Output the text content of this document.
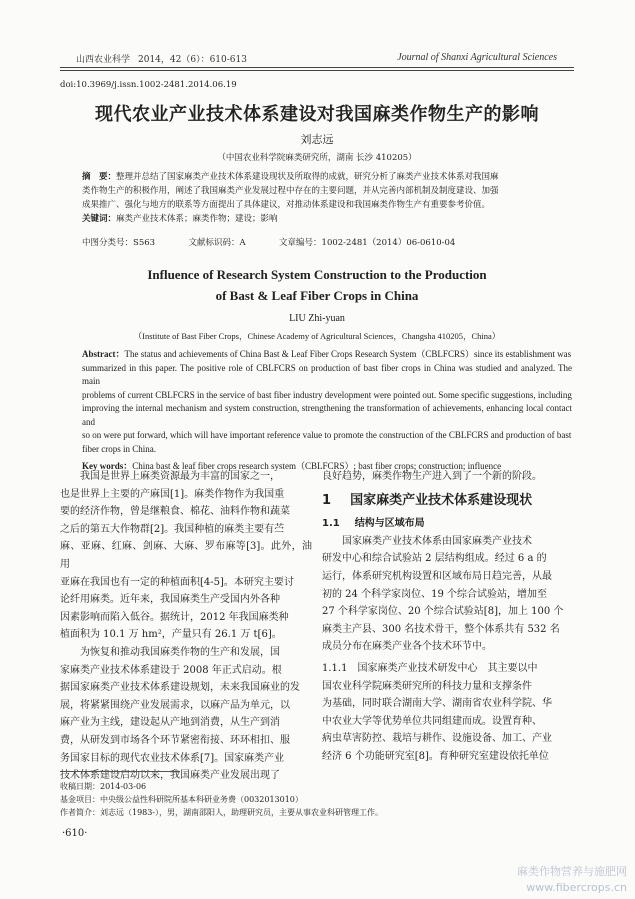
山西农业科学 2014，42（6）：610-613	Journal of Shanxi Agricultural Sciences
doi:10.3969/j.issn.1002-2481.2014.06.19
现代农业产业技术体系建设对我国麻类作物生产的影响
刘志远
（中国农业科学院麻类研究所，湖南 长沙 410205）
摘　要：整理并总结了国家麻类产业技术体系建设现状及所取得的成就，研究分析了麻类产业技术体系对我国麻
类作物生产的积极作用，阐述了我国麻类产业发展过程中存在的主要问题，并从完善内部机制及制度建设、加强
成果推广、强化与地方的联系等方面提出了具体建议，对推动体系建设和我国麻类作物生产有重要参考价值。
关键词：麻类产业技术体系；麻类作物；建设；影响
中图分类号：S563	文献标识码：A	文章编号：1002-2481（2014）06-0610-04
Influence of Research System Construction to the Production
of Bast & Leaf Fiber Crops in China
LIU Zhi-yuan
（Institute of Bast Fiber Crops，Chinese Academy of Agricultural Sciences，Changsha 410205，China）
Abstract：The status and achievements of China Bast & Leaf Fiber Crops Research System（CBLFCRS）since its establishment was
summarized in this paper. The positive role of CBLFCRS on production of bast fiber crops in China was studied and analyzed. The main
problems of current CBLFCRS in the service of bast fiber industry development were pointed out. Some specific suggestions, including
improving the internal mechanism and system construction, strengthening the transformation of achievements, enhancing local contact and
so on were put forward, which will have important reference value to promote the construction of the CBLFCRS and production of bast
fiber crops in China.
Key words：China bast & leaf fiber crops research system（CBLFCRS）; bast fiber crops; construction; influence
我国是世界上麻类资源最为丰富的国家之一，
也是世界上主要的产麻国[1]。麻类作物作为我国重
要的经济作物，曾是继粮食、棉花、油料作物和蔬菜
之后的第五大作物群[2]。我国种植的麻类主要有苎
麻、亚麻、红麻、剑麻、大麻、罗布麻等[3]。此外，油用
亚麻在我国也有一定的种植面积[4-5]。本研究主要讨
论纤用麻类。近年来，我国麻类生产受国内外各种
因素影响而陷入低谷。据统计，2012 年我国麻类种
植面积为 10.1 万 hm²，产量只有 26.1 万 t[6]。
为恢复和推动我国麻类作物的生产和发展，国
家麻类产业技术体系建设于 2008 年正式启动。根
据国家麻类产业技术体系建设规划，未来我国麻业的发
展，将紧紧围绕产业发展需求，以麻产品为单元，以
麻产业为主线，建设起从产地到消费，从生产到消
费，从研发到市场各个环节紧密衔接、环环相扣、服
务国家目标的现代农业技术体系[7]。国家麻类产业
技术体系建设启动以来，我国麻类产业发展出现了
良好趋势，麻类作物生产进入到了一个新的阶段。
1 国家麻类产业技术体系建设现状
1.1 结构与区域布局
国家麻类产业技术体系由国家麻类产业技术
研发中心和综合试验站 2 层结构组成。经过 6 a 的
运行，体系研究机构设置和区域布局日趋完善，从最
初的 24 个科学家岗位、19 个综合试验站，增加至
27 个科学家岗位、20 个综合试验站[8]，加上 100 个
麻类主产县、300 名技术骨干，整个体系共有 532 名
成员分布在麻类产业各个技术环节中。
1.1.1　国家麻类产业技术研发中心　其主要以中
国农业科学院麻类研究所的科技力量和支撑条件
为基础，同时联合湖南大学、湖南省农业科学院、华
中农业大学等优势单位共同组建而成。设置育种、
病虫草害防控、栽培与耕作、设施设备、加工、产业
经济 6 个功能研究室[8]。育种研究室建设依托单位
收稿日期：2014-03-06
基金项目：中央级公益性科研院所基本科研业务费（0032013010）
作者简介：刘志远（1983-），男，湖南邵阳人，助理研究员，主要从事农业科研管理工作。
·610·
麻类作物营养与施肥网
www.fibercrops.cn
